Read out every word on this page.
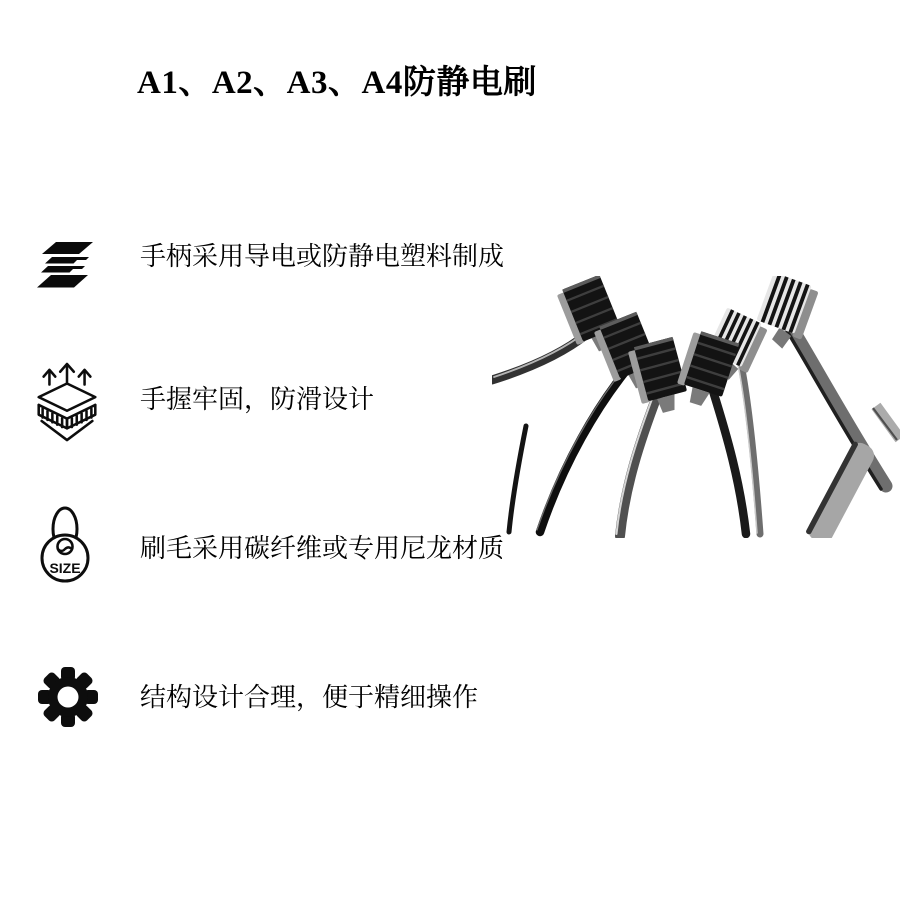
A1、A2、A3、A4防静电刷
手柄采用导电或防静电塑料制成
手握牢固，防滑设计
SIZE
刷毛采用碳纤维或专用尼龙材质
结构设计合理，便于精细操作
